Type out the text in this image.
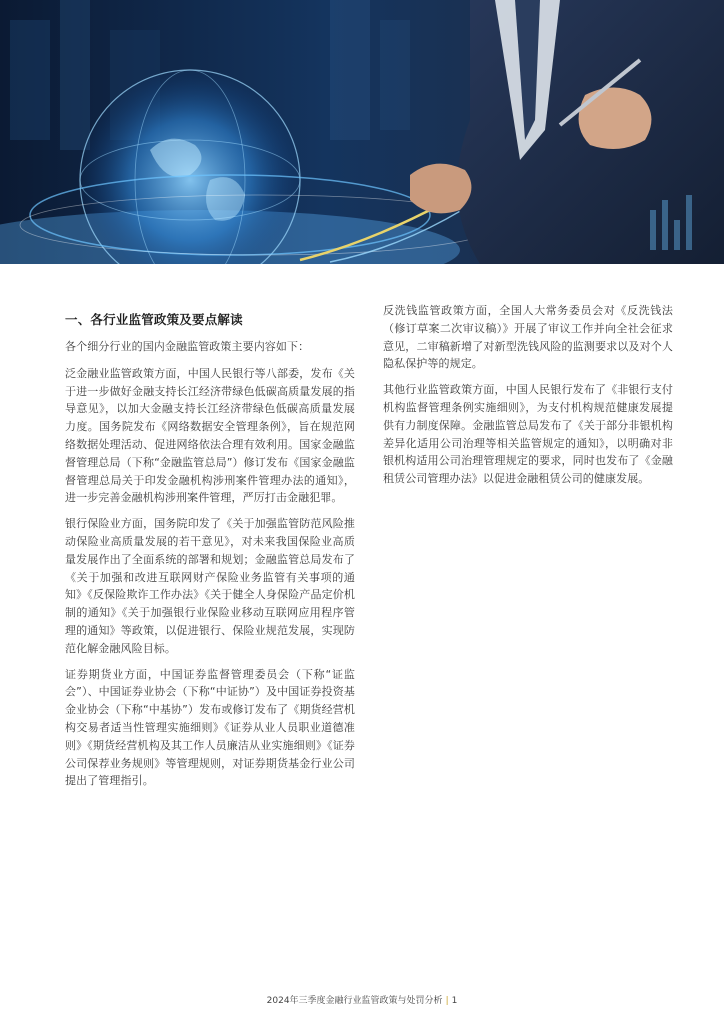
一、各行业监管政策及要点解读

各个细分行业的国内金融监管政策主要内容如下：

泛金融业监管政策方面，中国人民银行等八部委，发布《关于进一步做好金融支持长江经济带绿色低碳高质量发展的指导意见》，以加大金融支持长江经济带绿色低碳高质量发展力度。国务院发布《网络数据安全管理条例》，旨在规范网络数据处理活动、促进网络依法合理有效利用。国家金融监督管理总局（下称“金融监管总局”）修订发布《国家金融监督管理总局关于印发金融机构涉刑案件管理办法的通知》，进一步完善金融机构涉刑案件管理，严厉打击金融犯罪。

银行保险业方面，国务院印发了《关于加强监管防范风险推动保险业高质量发展的若干意见》，对未来我国保险业高质量发展作出了全面系统的部署和规划；金融监管总局发布了《关于加强和改进互联网财产保险业务监管有关事项的通知》《反保险欺诈工作办法》《关于健全人身保险产品定价机制的通知》《关于加强银行业保险业移动互联网应用程序管理的通知》等政策，以促进银行、保险业规范发展，实现防范化解金融风险目标。

证券期货业方面，中国证券监督管理委员会（下称“证监会”）、中国证券业协会（下称“中证协”）及中国证券投资基金业协会（下称“中基协”）发布或修订发布了《期货经营机构交易者适当性管理实施细则》《证券从业人员职业道德准则》《期货经营机构及其工作人员廉洁从业实施细则》《证券公司保荐业务规则》等管理规则，对证券期货基金行业公司提出了管理指引。

反洗钱监管政策方面，全国人大常务委员会对《反洗钱法（修订草案二次审议稿）》开展了审议工作并向全社会征求意见，二审稿新增了对新型洗钱风险的监测要求以及对个人隐私保护等的规定。

其他行业监管政策方面，中国人民银行发布了《非银行支付机构监督管理条例实施细则》，为支付机构规范健康发展提供有力制度保障。金融监管总局发布了《关于部分非银机构差异化适用公司治理等相关监管规定的通知》，以明确对非银机构适用公司治理管理规定的要求，同时也发布了《金融租赁公司管理办法》以促进金融租赁公司的健康发展。

2024年三季度金融行业监管政策与处罚分析 | 1
